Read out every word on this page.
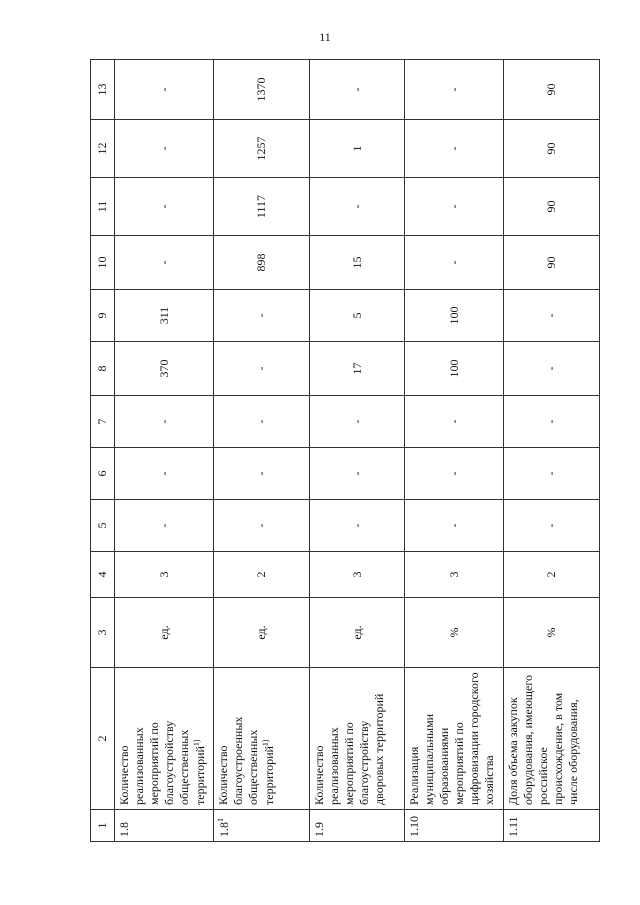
11
1	2	3	4	5	6	7	8	9	10	11	12	13
1.8	Количество реализованных мероприятий по благоустройству общественных территорий$^{1)}$	ед.	3	-	-	-	370	311	-	-	-	-
$1.8^1$	Количество благоустроенных общественных территорий$^{1)}$	ед.	2	-	-	-	-	-	898	1117	1257	1370
1.9	Количество реализованных мероприятий по благоустройству дворовых территорий	ед.	3	-	-	-	17	5	15	-	1	-
1.10	Реализация муниципальными образованиями мероприятий по цифровизации городского хозяйства	%	3	-	-	-	100	100	-	-	-	-
1.11	Доля объема закупок оборудования, имеющего российское происхождение, в том числе оборудования,	%	2	-	-	-	-	-	90	90	90	90
